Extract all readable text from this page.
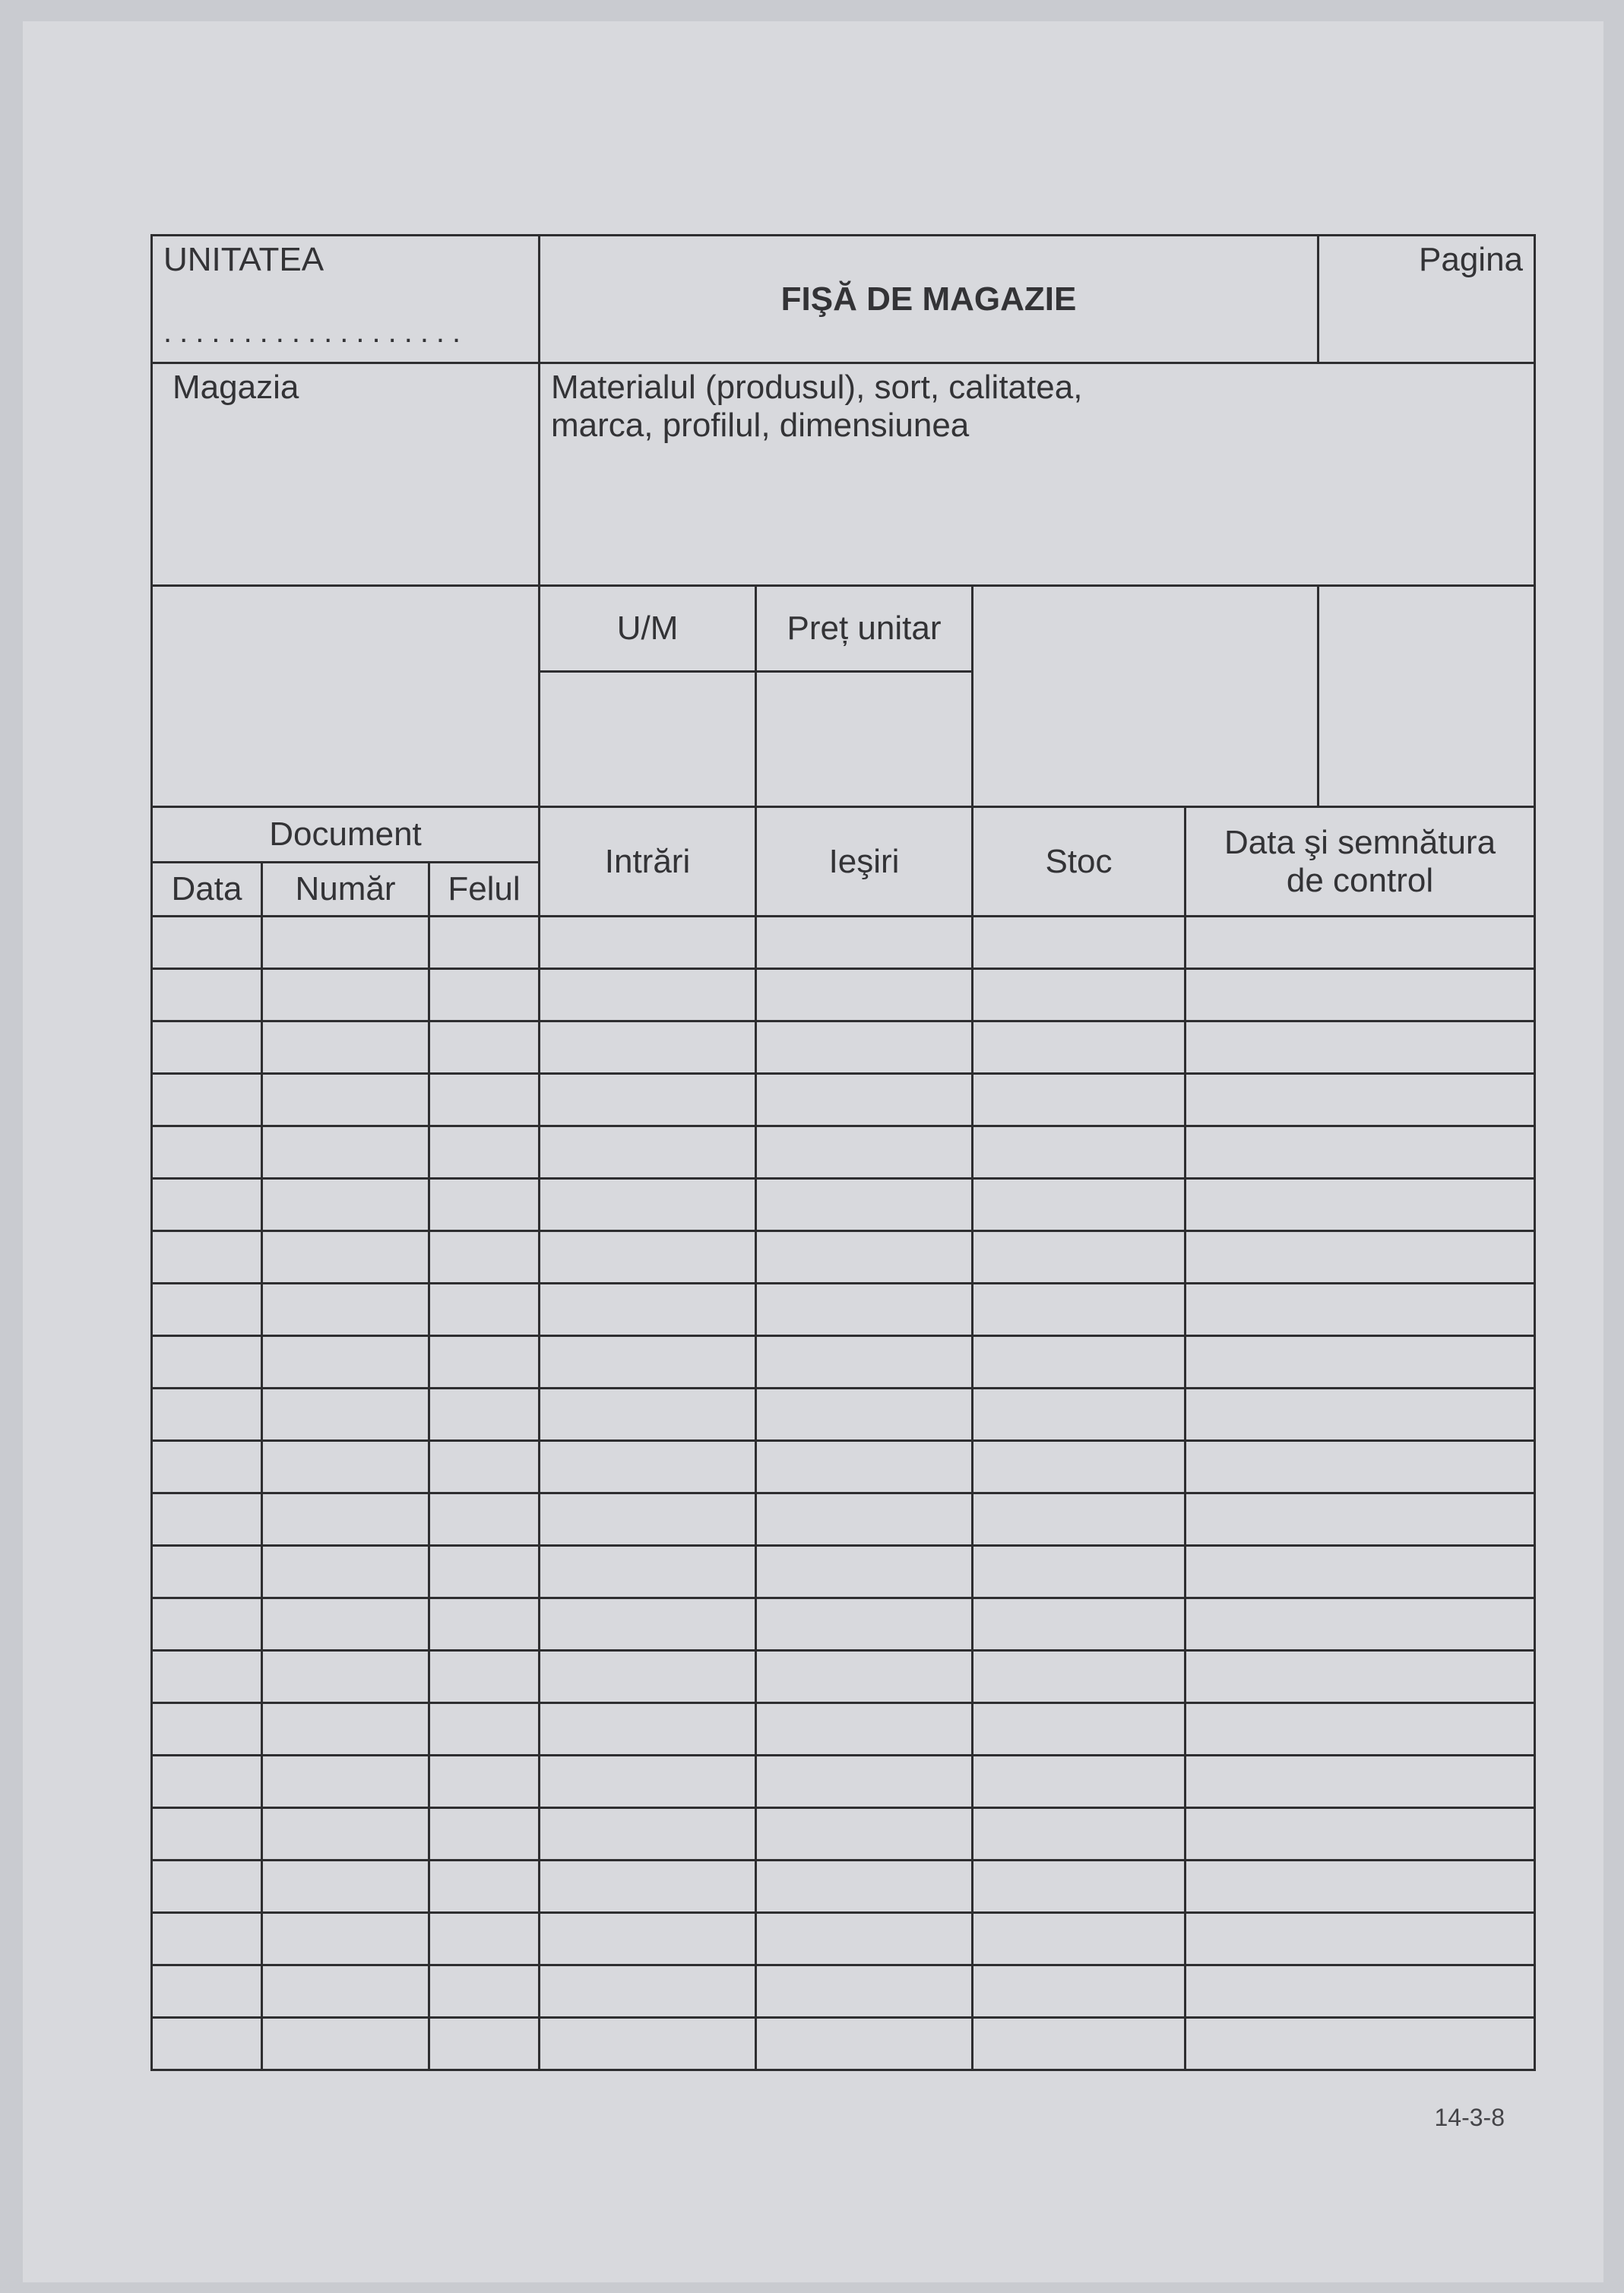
UNITATEA
...................			FIŞĂ DE MAGAZIE				Pagina

Magazia			Materialul (produsul), sort, calitatea,
marca, profilul, dimensiunea				

			U/M	Preț unitar			

Document			Intrări	Ieşiri	Stoc	Data şi semnătura
de control	

Data	Număr	Felul					

14-3-8
